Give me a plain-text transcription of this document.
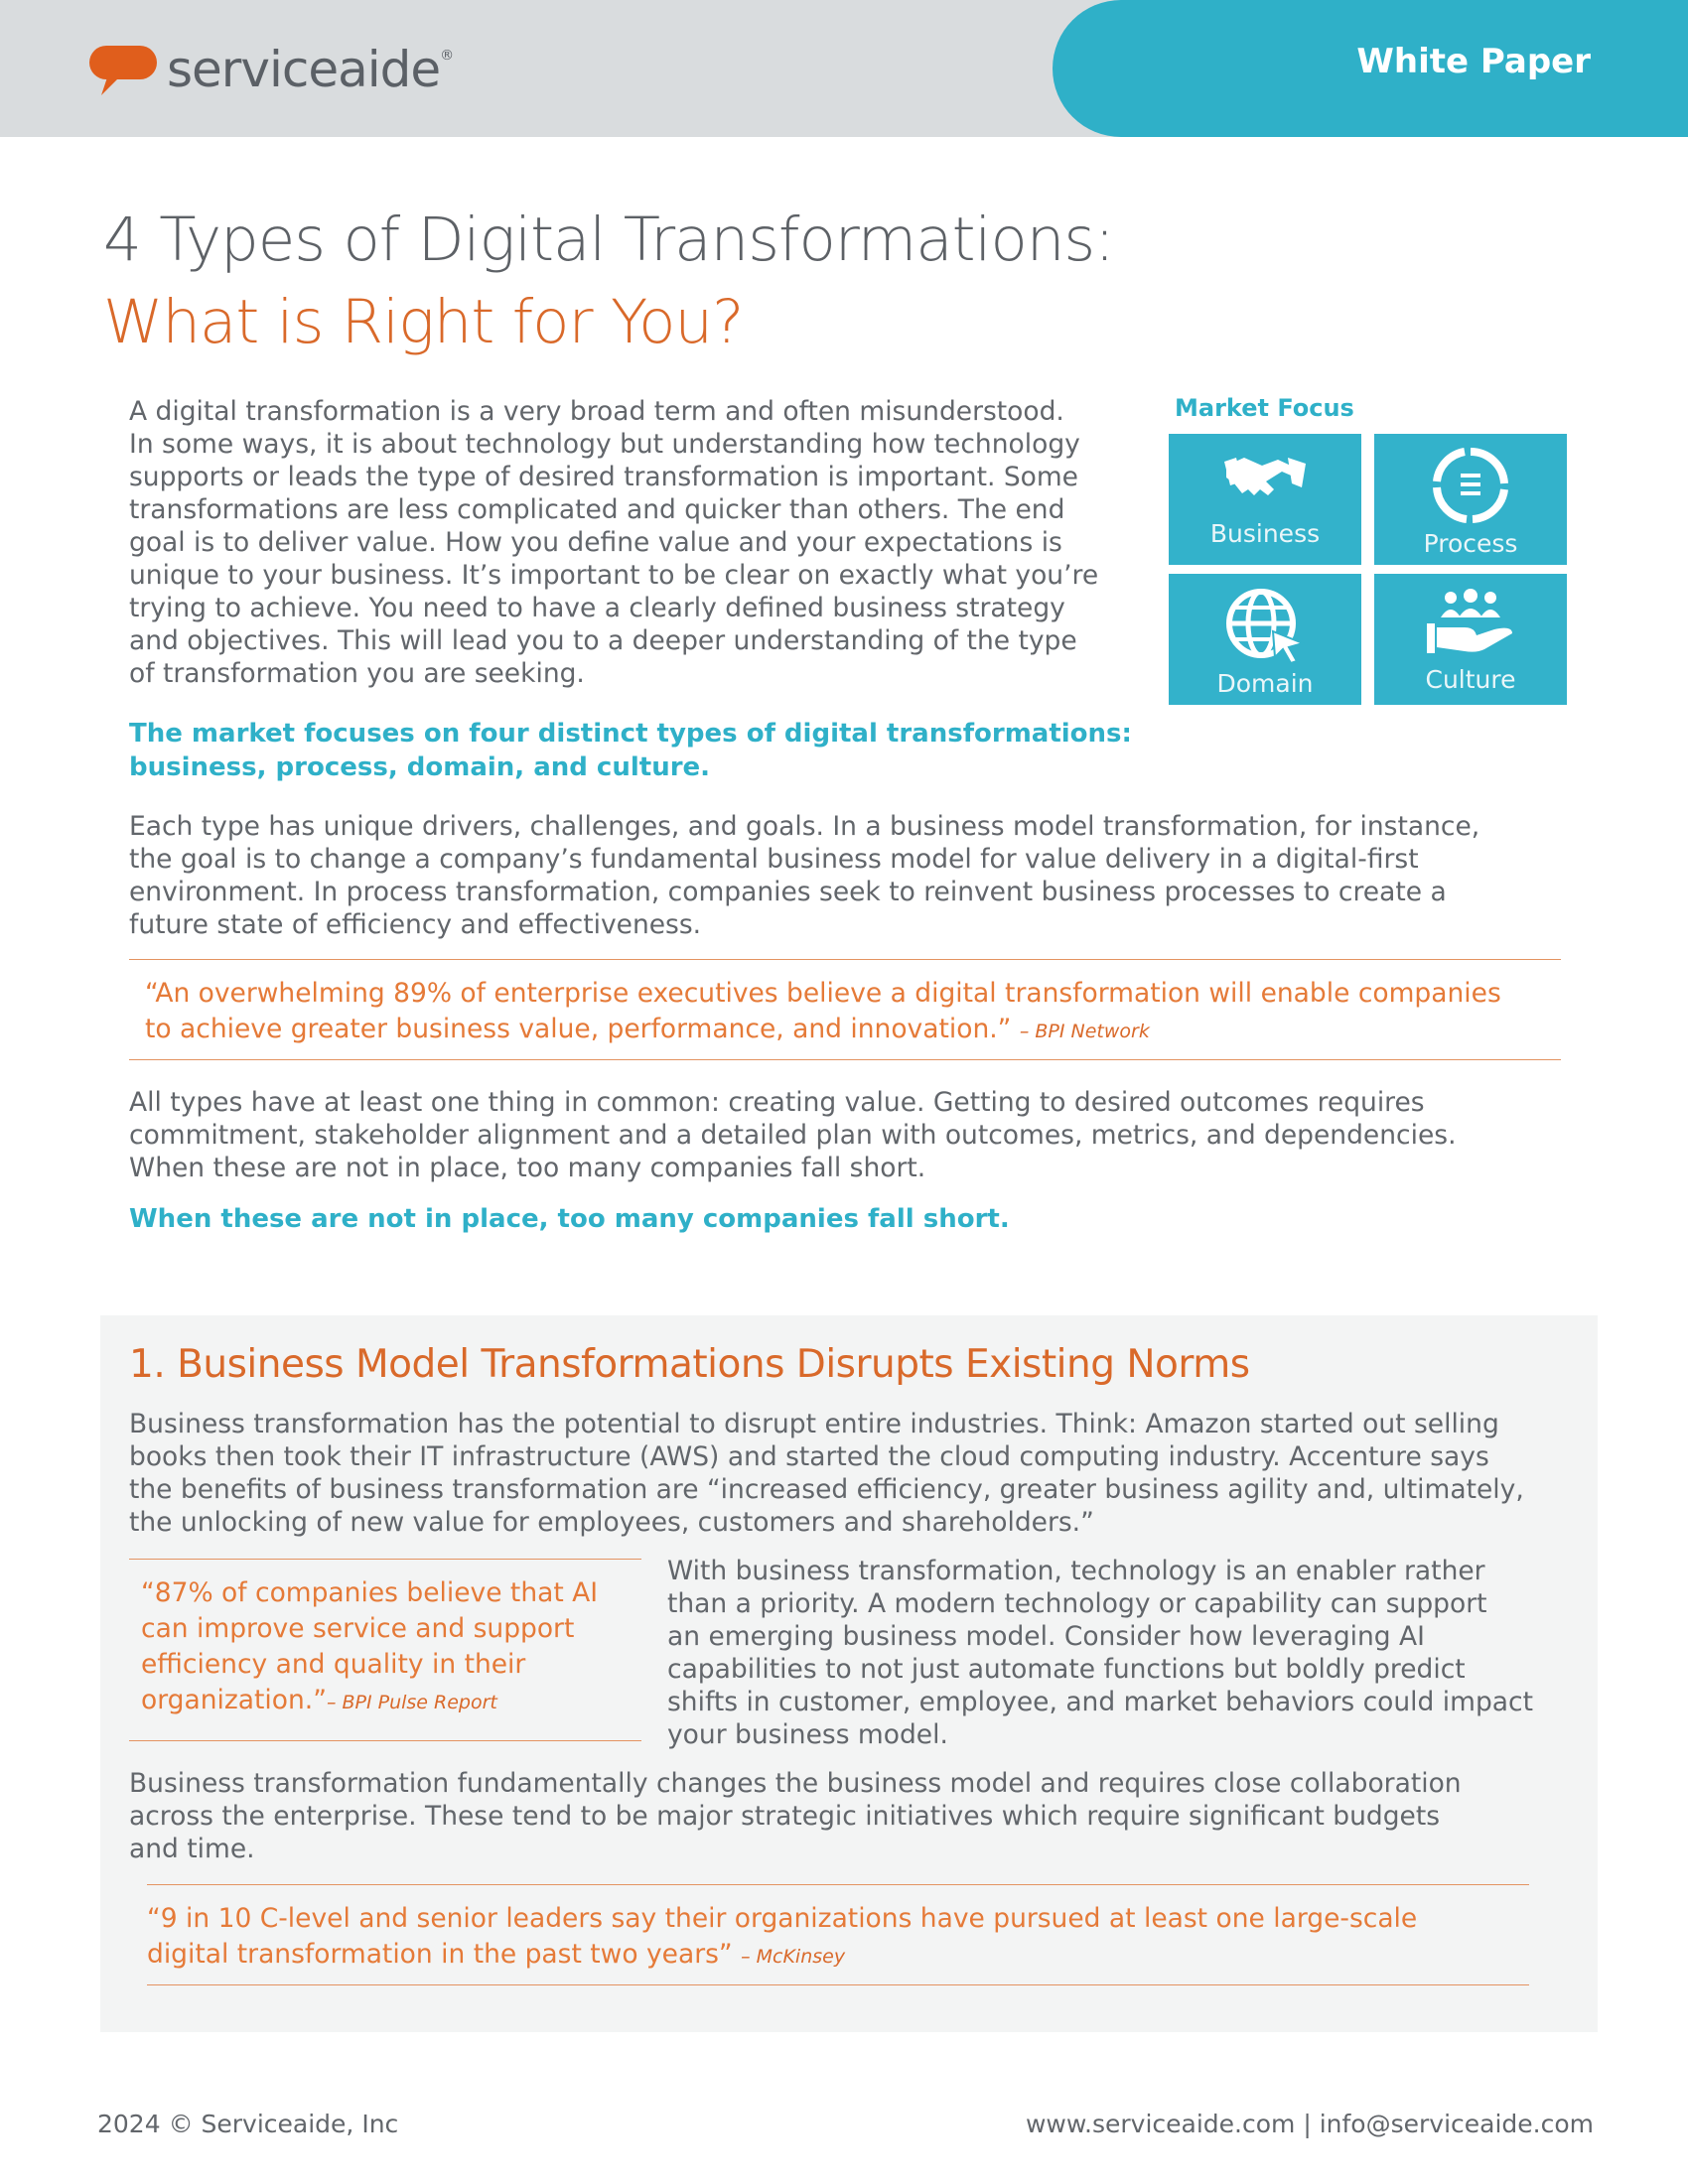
serviceaide®	White Paper
4 Types of Digital Transformations:
What is Right for You?
A digital transformation is a very broad term and often misunderstood.
In some ways, it is about technology but understanding how technology
supports or leads the type of desired transformation is important. Some
transformations are less complicated and quicker than others. The end
goal is to deliver value. How you define value and your expectations is
unique to your business. It’s important to be clear on exactly what you’re
trying to achieve. You need to have a clearly defined business strategy
and objectives. This will lead you to a deeper understanding of the type
of transformation you are seeking.
Market Focus
Business	Process
Domain	Culture
The market focuses on four distinct types of digital transformations:
business, process, domain, and culture.
Each type has unique drivers, challenges, and goals. In a business model transformation, for instance,
the goal is to change a company’s fundamental business model for value delivery in a digital-first
environment. In process transformation, companies seek to reinvent business processes to create a
future state of efficiency and effectiveness.
“An overwhelming 89% of enterprise executives believe a digital transformation will enable companies
to achieve greater business value, performance, and innovation.” – BPI Network
All types have at least one thing in common: creating value. Getting to desired outcomes requires
commitment, stakeholder alignment and a detailed plan with outcomes, metrics, and dependencies.
When these are not in place, too many companies fall short.
When these are not in place, too many companies fall short.
1. Business Model Transformations Disrupts Existing Norms
Business transformation has the potential to disrupt entire industries. Think: Amazon started out selling
books then took their IT infrastructure (AWS) and started the cloud computing industry. Accenture says
the benefits of business transformation are “increased efficiency, greater business agility and, ultimately,
the unlocking of new value for employees, customers and shareholders.”
“87% of companies believe that AI
can improve service and support
efficiency and quality in their
organization.”– BPI Pulse Report
With business transformation, technology is an enabler rather
than a priority. A modern technology or capability can support
an emerging business model. Consider how leveraging AI
capabilities to not just automate functions but boldly predict
shifts in customer, employee, and market behaviors could impact
your business model.
Business transformation fundamentally changes the business model and requires close collaboration
across the enterprise. These tend to be major strategic initiatives which require significant budgets
and time.
“9 in 10 C-level and senior leaders say their organizations have pursued at least one large-scale
digital transformation in the past two years” – McKinsey
2024 © Serviceaide, Inc	www.serviceaide.com | info@serviceaide.com
